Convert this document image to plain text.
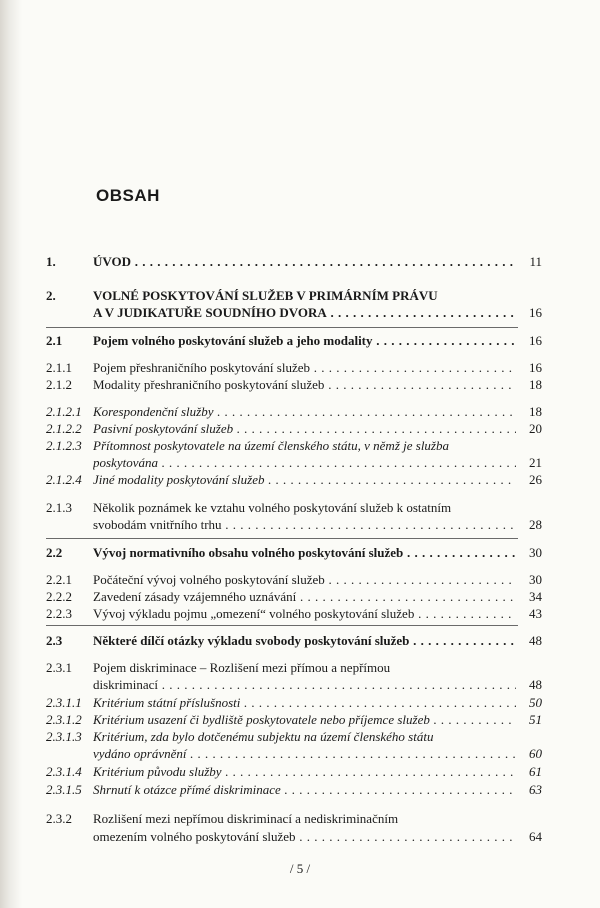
OBSAH
1.	ÚVOD . . .	11
2.	VOLNÉ POSKYTOVÁNÍ SLUŽEB V PRIMÁRNÍM PRÁVU
A V JUDIKATUŘE SOUDNÍHO DVORA . . .	16
2.1 Pojem volného poskytování služeb a jeho modality . . .	16
2.1.1 Pojem přeshraničního poskytování služeb . . .	16
2.1.2 Modality přeshraničního poskytování služeb . . .	18
2.1.2.1 Korespondenční služby . . .	18
2.1.2.2 Pasivní poskytování služeb . . .	20
2.1.2.3 Přítomnost poskytovatele na území členského státu, v němž je služba
poskytována . . .	21
2.1.2.4 Jiné modality poskytování služeb . . .	26
2.1.3 Několik poznámek ke vztahu volného poskytování služeb k ostatním
svobodám vnitřního trhu . . .	28
2.2 Vývoj normativního obsahu volného poskytování služeb . . .	30
2.2.1 Počáteční vývoj volného poskytování služeb . . .	30
2.2.2 Zavedení zásady vzájemného uznávání . . .	34
2.2.3 Vývoj výkladu pojmu „omezení“ volného poskytování služeb . . .	43
2.3 Některé dílčí otázky výkladu svobody poskytování služeb . . .	48
2.3.1 Pojem diskriminace – Rozlišení mezi přímou a nepřímou
diskriminací . . .	48
2.3.1.1 Kritérium státní příslušnosti . . .	50
2.3.1.2 Kritérium usazení či bydliště poskytovatele nebo příjemce služeb . . .	51
2.3.1.3 Kritérium, zda bylo dotčenému subjektu na území členského státu
vydáno oprávnění . . .	60
2.3.1.4 Kritérium původu služby . . .	61
2.3.1.5 Shrnutí k otázce přímé diskriminace . . .	63
2.3.2 Rozlišení mezi nepřímou diskriminací a nediskriminačním
omezením volného poskytování služeb . . .	64
/ 5 /
